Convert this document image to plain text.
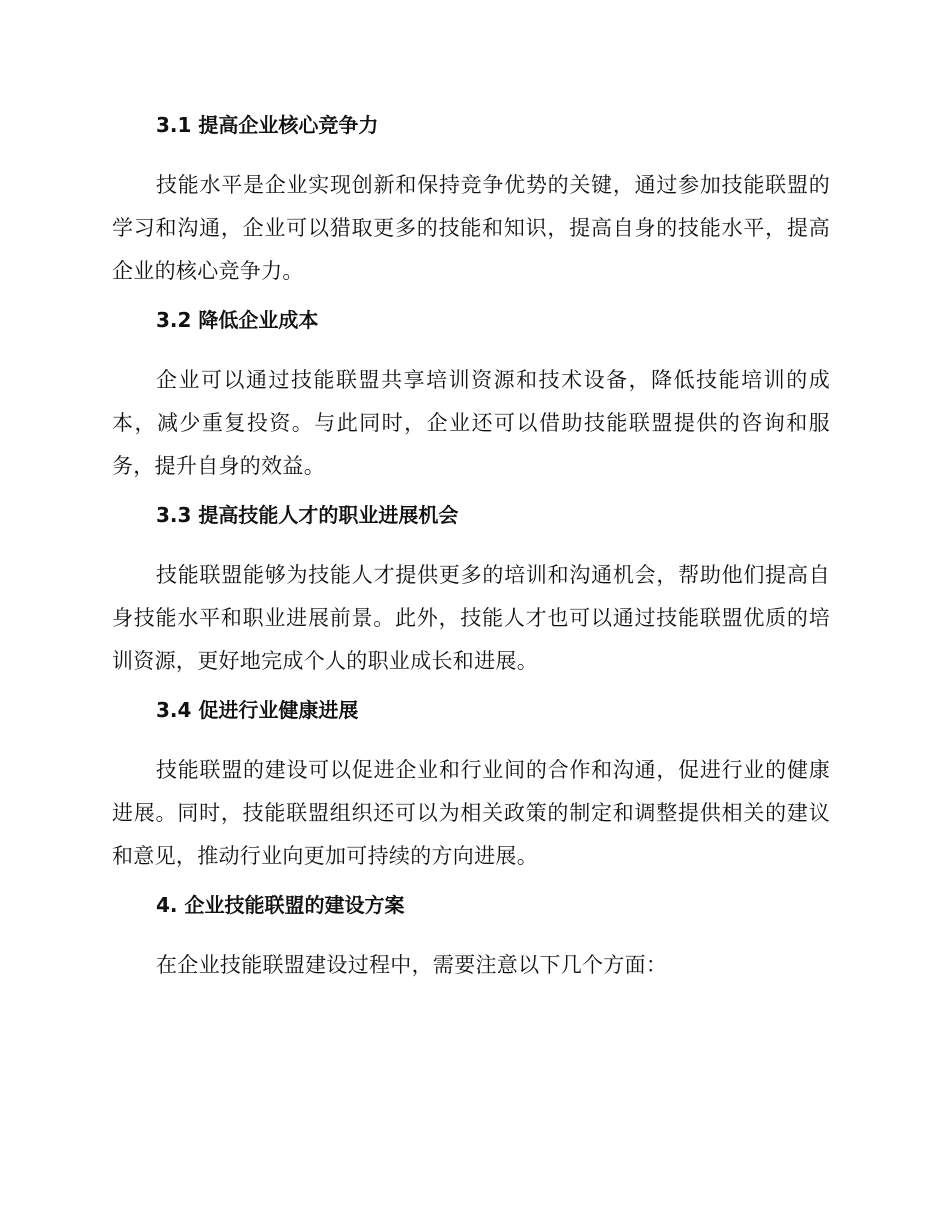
3.1 提高企业核心竞争力

技能水平是企业实现创新和保持竞争优势的关键，通过参加技能联盟的学习和沟通，企业可以猎取更多的技能和知识，提高自身的技能水平，提高企业的核心竞争力。

3.2 降低企业成本

企业可以通过技能联盟共享培训资源和技术设备，降低技能培训的成本，减少重复投资。与此同时，企业还可以借助技能联盟提供的咨询和服务，提升自身的效益。

3.3 提高技能人才的职业进展机会

技能联盟能够为技能人才提供更多的培训和沟通机会，帮助他们提高自身技能水平和职业进展前景。此外，技能人才也可以通过技能联盟优质的培训资源，更好地完成个人的职业成长和进展。

3.4 促进行业健康进展

技能联盟的建设可以促进企业和行业间的合作和沟通，促进行业的健康进展。同时，技能联盟组织还可以为相关政策的制定和调整提供相关的建议和意见，推动行业向更加可持续的方向进展。

4. 企业技能联盟的建设方案

在企业技能联盟建设过程中，需要注意以下几个方面：
